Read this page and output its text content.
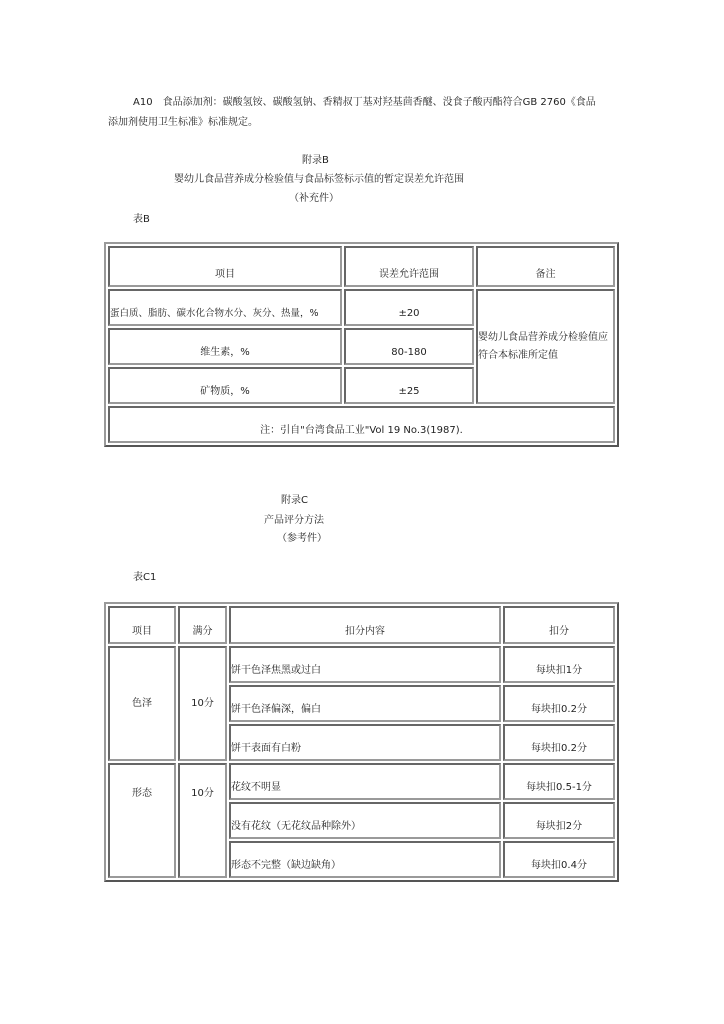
A10　食品添加剂：碳酸氢铵、碳酸氢钠、香精叔丁基对羟基茴香醚、没食子酸丙酯符合GB 2760《食品
添加剂使用卫生标准》标准规定。
附录B
婴幼儿食品营养成分检验值与食品标签标示值的暂定误差允许范围
（补充件）
表B
项目	误差允许范围	备注
蛋白质、脂肪、碳水化合物水分、灰分、热量，%	±20	婴幼儿食品营养成分检验值应
符合本标准所定值

维生素，%	80-180	
矿物质，%	±25	
注：引自"台湾食品工业"Vol 19 No.3(1987).		
附录C
产品评分方法
（参考件）
表C1
项目	满分	扣分内容	扣分
色泽	10分	饼干色泽焦黑或过白	每块扣1分
		饼干色泽偏深，偏白	每块扣0.2分
		饼干表面有白粉	每块扣0.2分
形态	10分	花纹不明显	每块扣0.5-1分
		没有花纹（无花纹品种除外）	每块扣2分
		形态不完整（缺边缺角）	每块扣0.4分
